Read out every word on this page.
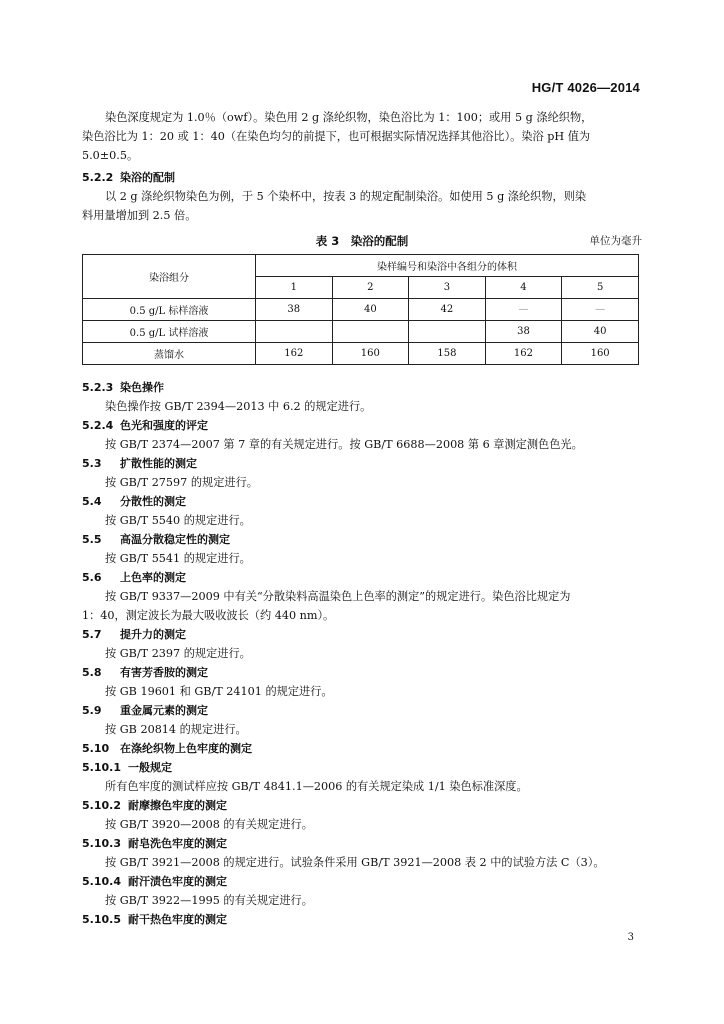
HG/T 4026—2014

染色深度规定为 1.0％（owf）。染色用 2 g 涤纶织物，染色浴比为 1：100；或用 5 g 涤纶织物，

染色浴比为 1：20 或 1：40（在染色均匀的前提下，也可根据实际情况选择其他浴比）。染浴 pH 值为

5.0±0.5。

5.2.2 染浴的配制

以 2 g 涤纶织物染色为例，于 5 个染杯中，按表 3 的规定配制染浴。如使用 5 g 涤纶织物，则染

料用量增加到 2.5 倍。

表 3　染浴的配制	单位为毫升
染浴组分	染样编号和染浴中各组分的体积				
	1	2	3	4	5
0.5 g/L 标样溶液	38	40	42	—	—
0.5 g/L 试样溶液				38	40
蒸馏水	162	160	158	162	160

5.2.3 染色操作

染色操作按 GB/T 2394—2013 中 6.2 的规定进行。

5.2.4 色光和强度的评定

按 GB/T 2374—2007 第 7 章的有关规定进行。按 GB/T 6688—2008 第 6 章测定测色色光。

5.3 扩散性能的测定

按 GB/T 27597 的规定进行。

5.4 分散性的测定

按 GB/T 5540 的规定进行。

5.5 高温分散稳定性的测定

按 GB/T 5541 的规定进行。

5.6 上色率的测定

按 GB/T 9337—2009 中有关“分散染料高温染色上色率的测定”的规定进行。染色浴比规定为

1：40，测定波长为最大吸收波长（约 440 nm）。

5.7 提升力的测定

按 GB/T 2397 的规定进行。

5.8 有害芳香胺的测定

按 GB 19601 和 GB/T 24101 的规定进行。

5.9 重金属元素的测定

按 GB 20814 的规定进行。

5.10 在涤纶织物上色牢度的测定

5.10.1 一般规定

所有色牢度的测试样应按 GB/T 4841.1—2006 的有关规定染成 1/1 染色标准深度。

5.10.2 耐摩擦色牢度的测定

按 GB/T 3920—2008 的有关规定进行。

5.10.3 耐皂洗色牢度的测定

按 GB/T 3921—2008 的规定进行。试验条件采用 GB/T 3921—2008 表 2 中的试验方法 C（3）。

5.10.4 耐汗渍色牢度的测定

按 GB/T 3922—1995 的有关规定进行。

5.10.5 耐干热色牢度的测定

3
